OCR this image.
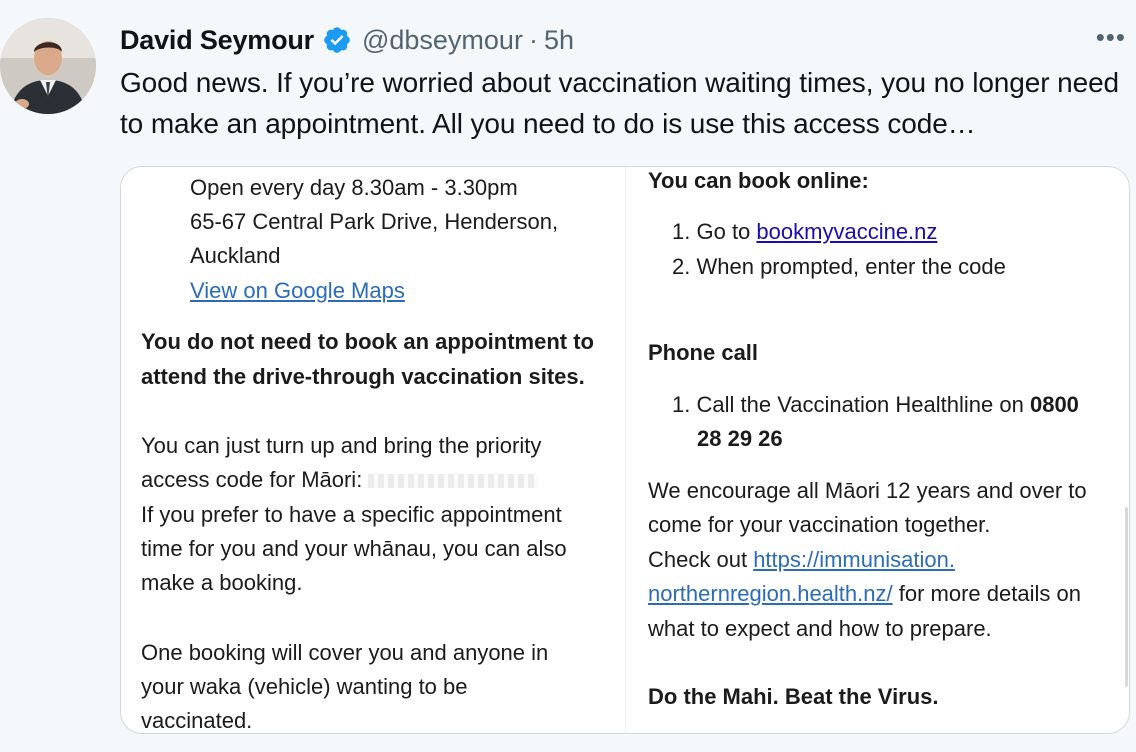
David Seymour @dbseymour · 5h	•••

Good news. If you’re worried about vaccination waiting times, you no longer need to make an appointment. All you need to do is use this access code…

Open every day 8.30am - 3.30pm

65-67 Central Park Drive, Henderson,

Auckland

View on Google Maps

You do not need to book an appointment to

attend the drive-through vaccination sites.

You can just turn up and bring the priority

access code for Māori:

If you prefer to have a specific appointment

time for you and your whānau, you can also

make a booking.

One booking will cover you and anyone in

your waka (vehicle) wanting to be

vaccinated.

You can book online:

1. Go to bookmyvaccine.nz

2. When prompted, enter the code

Phone call

1. Call the Vaccination Healthline on 0800

28 29 26

We encourage all Māori 12 years and over to

come for your vaccination together.

Check out https://immunisation.

northernregion.health.nz/ for more details on

what to expect and how to prepare.

Do the Mahi. Beat the Virus.
